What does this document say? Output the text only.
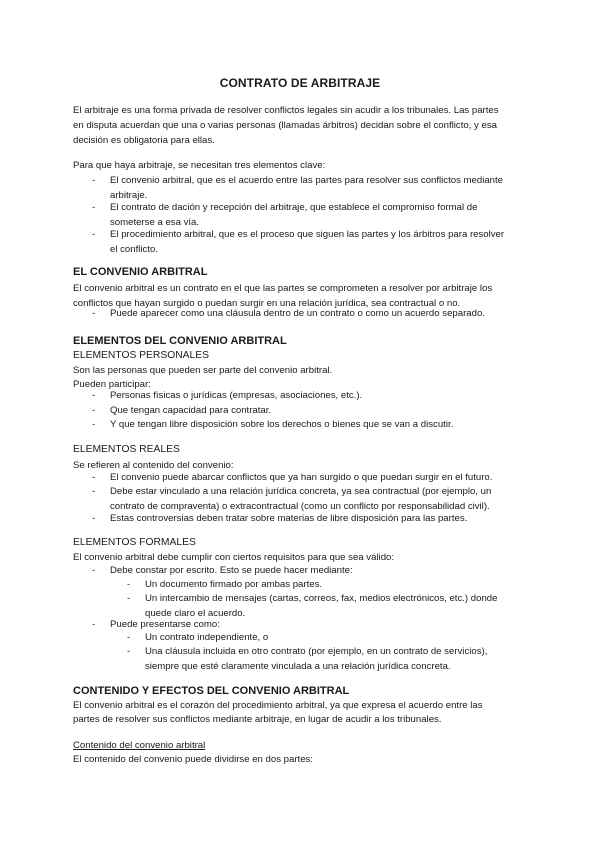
CONTRATO DE ARBITRAJE
El arbitraje es una forma privada de resolver conflictos legales sin acudir a los tribunales. Las partes
en disputa acuerdan que una o varias personas (llamadas árbitros) decidan sobre el conflicto, y esa
decisión es obligatoria para ellas.
Para que haya arbitraje, se necesitan tres elementos clave:
- El convenio arbitral, que es el acuerdo entre las partes para resolver sus conflictos mediante
arbitraje.
- El contrato de dación y recepción del arbitraje, que establece el compromiso formal de
someterse a esa vía.
- El procedimiento arbitral, que es el proceso que siguen las partes y los árbitros para resolver
el conflicto.
EL CONVENIO ARBITRAL
El convenio arbitral es un contrato en el que las partes se comprometen a resolver por arbitraje los
conflictos que hayan surgido o puedan surgir en una relación jurídica, sea contractual o no.
- Puede aparecer como una cláusula dentro de un contrato o como un acuerdo separado.
ELEMENTOS DEL CONVENIO ARBITRAL
ELEMENTOS PERSONALES
Son las personas que pueden ser parte del convenio arbitral.
Pueden participar:
- Personas físicas o jurídicas (empresas, asociaciones, etc.).
- Que tengan capacidad para contratar.
- Y que tengan libre disposición sobre los derechos o bienes que se van a discutir.
ELEMENTOS REALES
Se refieren al contenido del convenio:
- El convenio puede abarcar conflictos que ya han surgido o que puedan surgir en el futuro.
- Debe estar vinculado a una relación jurídica concreta, ya sea contractual (por ejemplo, un
contrato de compraventa) o extracontractual (como un conflicto por responsabilidad civil).
- Estas controversias deben tratar sobre materias de libre disposición para las partes.
ELEMENTOS FORMALES
El convenio arbitral debe cumplir con ciertos requisitos para que sea válido:
- Debe constar por escrito. Esto se puede hacer mediante:
- Un documento firmado por ambas partes.
- Un intercambio de mensajes (cartas, correos, fax, medios electrónicos, etc.) donde
quede claro el acuerdo.
- Puede presentarse como:
- Un contrato independiente, o
- Una cláusula incluida en otro contrato (por ejemplo, en un contrato de servicios),
siempre que esté claramente vinculada a una relación jurídica concreta.
CONTENIDO Y EFECTOS DEL CONVENIO ARBITRAL
El convenio arbitral es el corazón del procedimiento arbitral, ya que expresa el acuerdo entre las
partes de resolver sus conflictos mediante arbitraje, en lugar de acudir a los tribunales.
Contenido del convenio arbitral
El contenido del convenio puede dividirse en dos partes:
